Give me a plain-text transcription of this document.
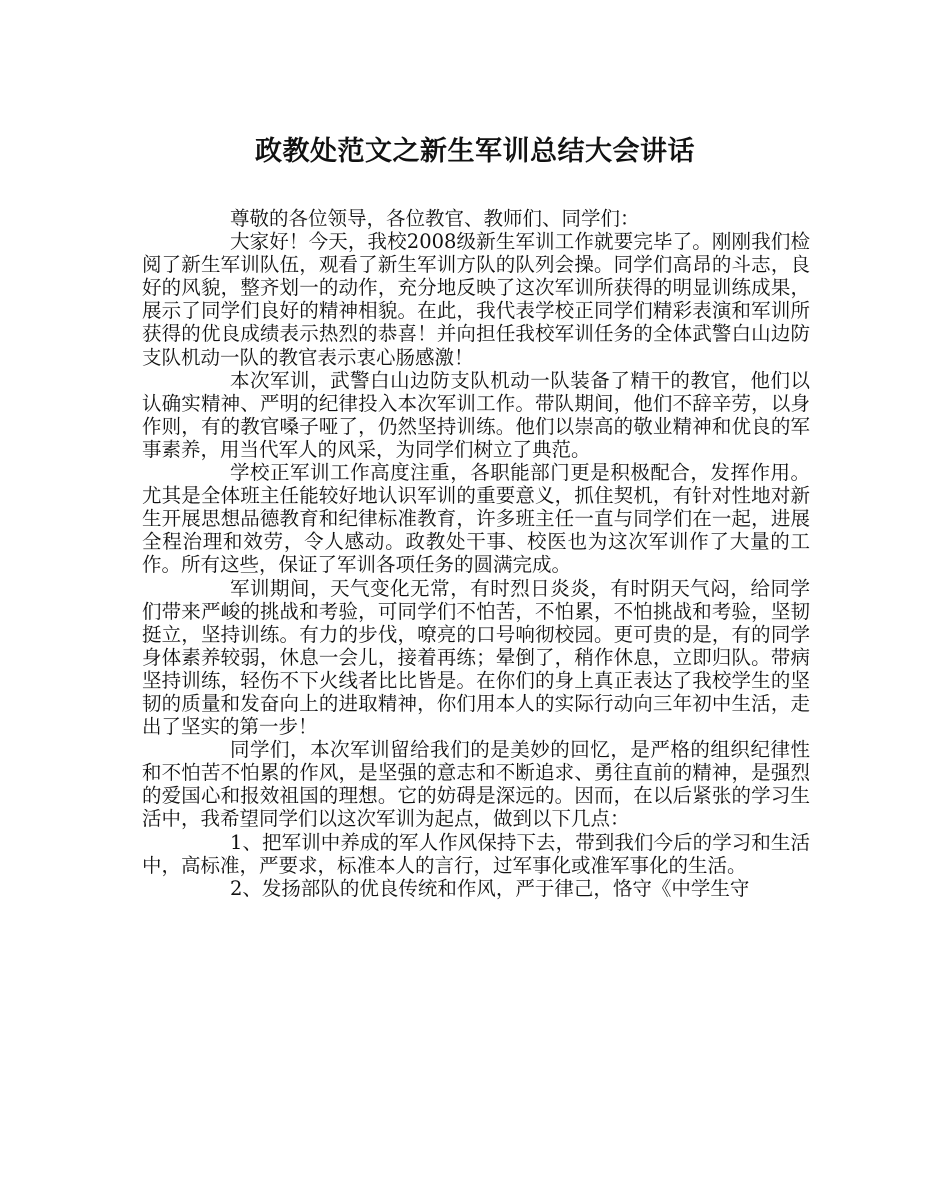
政教处范文之新生军训总结大会讲话

尊敬的各位领导，各位教官、教师们、同学们：

大家好！今天，我校2008级新生军训工作就要完毕了。刚刚我们检阅了新生军训队伍，观看了新生军训方队的队列会操。同学们高昂的斗志，良好的风貌，整齐划一的动作，充分地反映了这次军训所获得的明显训练成果，展示了同学们良好的精神相貌。在此，我代表学校正同学们精彩表演和军训所获得的优良成绩表示热烈的恭喜！并向担任我校军训任务的全体武警白山边防支队机动一队的教官表示衷心肠感激！

本次军训，武警白山边防支队机动一队装备了精干的教官，他们以认确实精神、严明的纪律投入本次军训工作。带队期间，他们不辞辛劳，以身作则，有的教官嗓子哑了，仍然坚持训练。他们以崇高的敬业精神和优良的军事素养，用当代军人的风采，为同学们树立了典范。

学校正军训工作高度注重，各职能部门更是积极配合，发挥作用。尤其是全体班主任能较好地认识军训的重要意义，抓住契机，有针对性地对新生开展思想品德教育和纪律标准教育，许多班主任一直与同学们在一起，进展全程治理和效劳，令人感动。政教处干事、校医也为这次军训作了大量的工作。所有这些，保证了军训各项任务的圆满完成。

军训期间，天气变化无常，有时烈日炎炎，有时阴天气闷，给同学们带来严峻的挑战和考验，可同学们不怕苦，不怕累，不怕挑战和考验，坚韧挺立，坚持训练。有力的步伐，嘹亮的口号响彻校园。更可贵的是，有的同学身体素养较弱，休息一会儿，接着再练；晕倒了，稍作休息，立即归队。带病坚持训练，轻伤不下火线者比比皆是。在你们的身上真正表达了我校学生的坚韧的质量和发奋向上的进取精神，你们用本人的实际行动向三年初中生活，走出了坚实的第一步！

同学们，本次军训留给我们的是美妙的回忆，是严格的组织纪律性和不怕苦不怕累的作风，是坚强的意志和不断追求、勇往直前的精神，是强烈的爱国心和报效祖国的理想。它的妨碍是深远的。因而，在以后紧张的学习生活中，我希望同学们以这次军训为起点，做到以下几点：

1、把军训中养成的军人作风保持下去，带到我们今后的学习和生活中，高标准，严要求，标准本人的言行，过军事化或准军事化的生活。

2、发扬部队的优良传统和作风，严于律己，恪守《中学生守
